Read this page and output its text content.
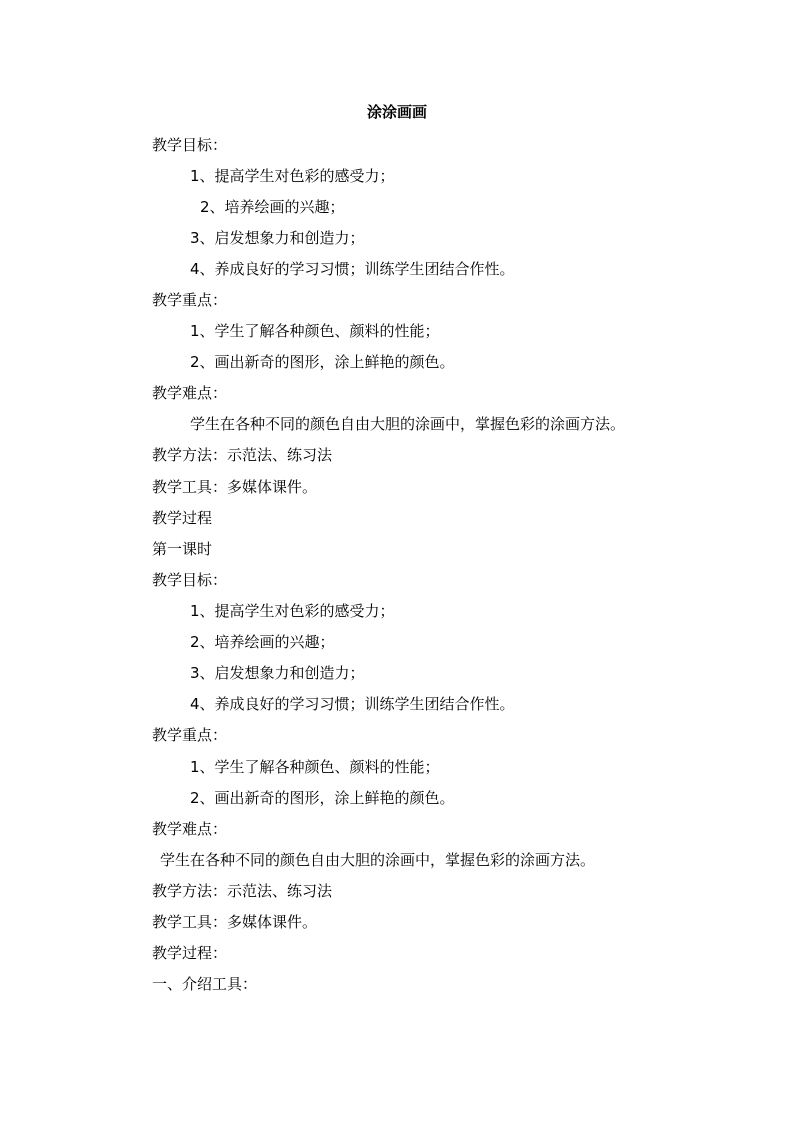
涂涂画画
教学目标：
1、提高学生对色彩的感受力；
2、培养绘画的兴趣；
3、启发想象力和创造力；
4、养成良好的学习习惯；训练学生团结合作性。
教学重点：
1、学生了解各种颜色、颜料的性能；
2、画出新奇的图形，涂上鲜艳的颜色。
教学难点：
学生在各种不同的颜色自由大胆的涂画中，掌握色彩的涂画方法。
教学方法：示范法、练习法
教学工具：多媒体课件。
教学过程
第一课时
教学目标：
1、提高学生对色彩的感受力；
2、培养绘画的兴趣；
3、启发想象力和创造力；
4、养成良好的学习习惯；训练学生团结合作性。
教学重点：
1、学生了解各种颜色、颜料的性能；
2、画出新奇的图形，涂上鲜艳的颜色。
教学难点：
学生在各种不同的颜色自由大胆的涂画中，掌握色彩的涂画方法。
教学方法：示范法、练习法
教学工具：多媒体课件。
教学过程：
一、介绍工具：
